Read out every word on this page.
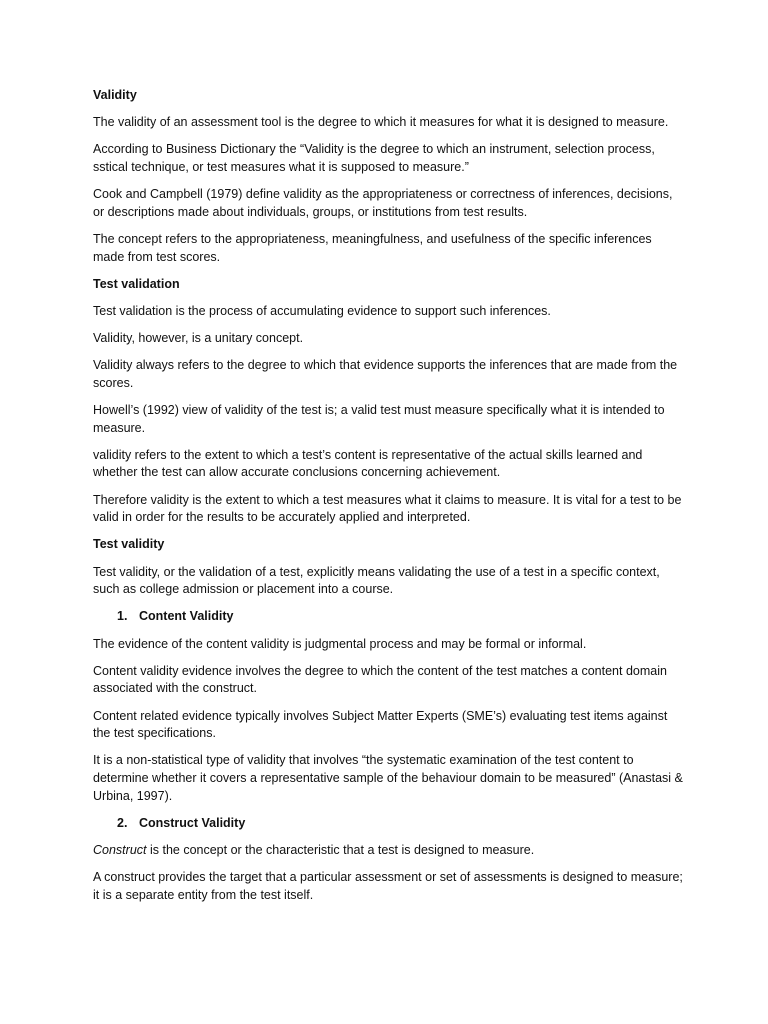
Validity

The validity of an assessment tool is the degree to which it measures for what it is designed to measure.

According to Business Dictionary the “Validity is the degree to which an instrument, selection process, sstical technique, or test measures what it is supposed to measure.”

Cook and Campbell (1979) define validity as the appropriateness or correctness of inferences, decisions, or descriptions made about individuals, groups, or institutions from test results.

The concept refers to the appropriateness, meaningfulness, and usefulness of the specific inferences made from test scores.

Test validation

Test validation is the process of accumulating evidence to support such inferences.

Validity, however, is a unitary concept.

Validity always refers to the degree to which that evidence supports the inferences that are made from the scores.

Howell’s (1992) view of validity of the test is; a valid test must measure specifically what it is intended to measure.

validity refers to the extent to which a test’s content is representative of the actual skills learned and whether the test can allow accurate conclusions concerning achievement.

Therefore validity is the extent to which a test measures what it claims to measure. It is vital for a test to be valid in order for the results to be accurately applied and interpreted.

Test validity

Test validity, or the validation of a test, explicitly means validating the use of a test in a specific context, such as college admission or placement into a course.

1. Content Validity

The evidence of the content validity is judgmental process and may be formal or informal.

Content validity evidence involves the degree to which the content of the test matches a content domain associated with the construct.

Content related evidence typically involves Subject Matter Experts (SME’s) evaluating test items against the test specifications.

It is a non-statistical type of validity that involves “the systematic examination of the test content to determine whether it covers a representative sample of the behaviour domain to be measured” (Anastasi & Urbina, 1997).

2. Construct Validity

Construct is the concept or the characteristic that a test is designed to measure.

A construct provides the target that a particular assessment or set of assessments is designed to measure; it is a separate entity from the test itself.
